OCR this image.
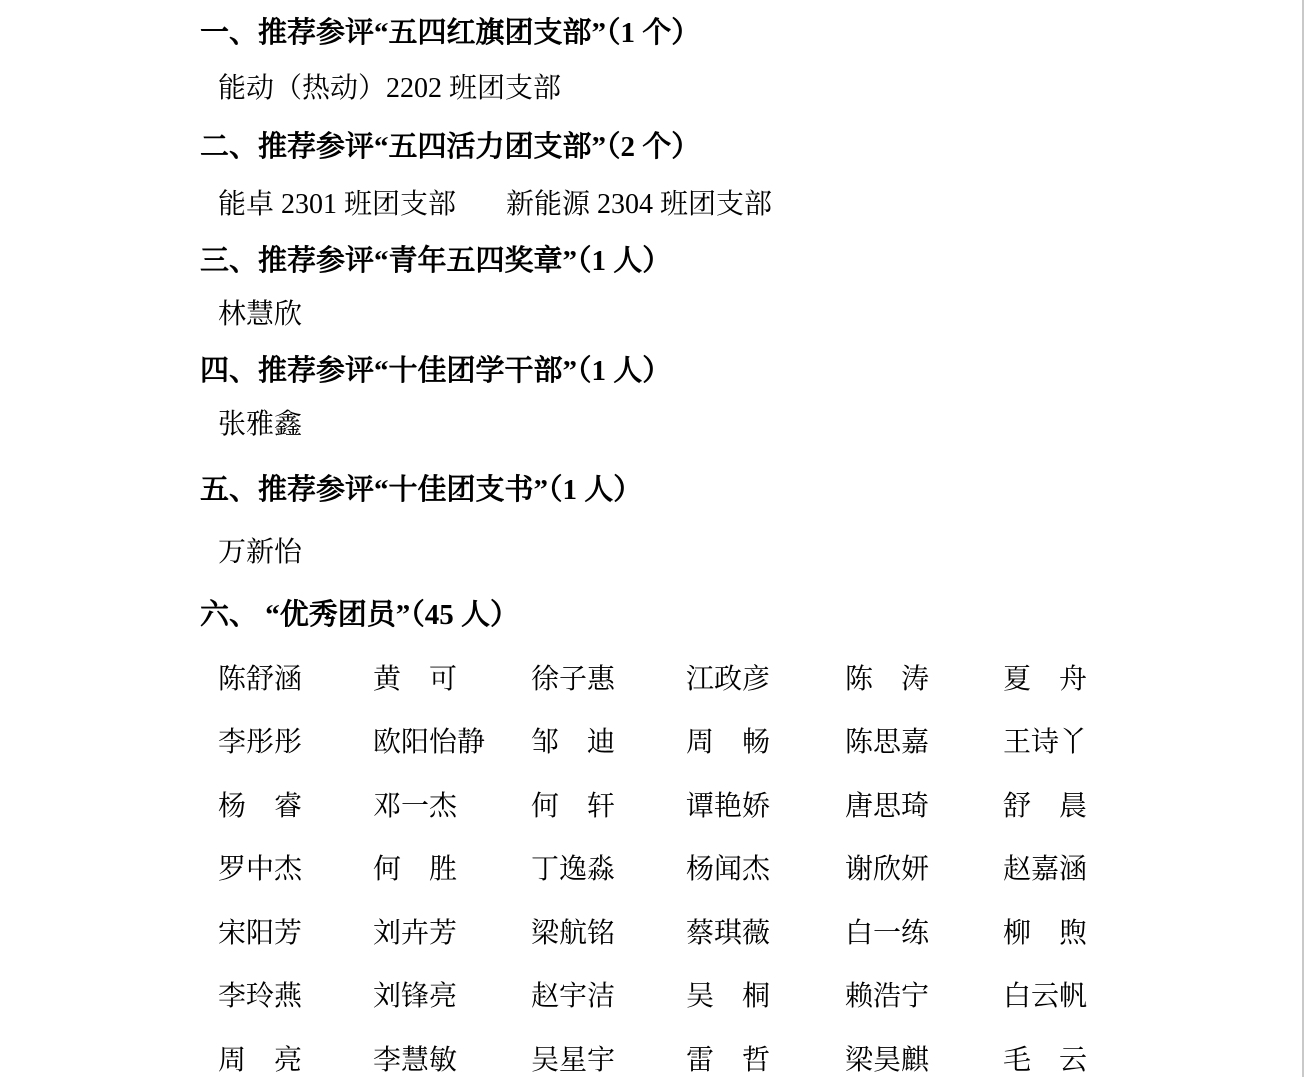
一、推荐参评“五四红旗团支部”（1 个）
能动（热动）2202 班团支部
二、推荐参评“五四活力团支部”（2 个）
能卓 2301 班团支部 新能源 2304 班团支部
三、推荐参评“青年五四奖章”（1 人）
林慧欣
四、推荐参评“十佳团学干部”（1 人）
张雅鑫
五、推荐参评“十佳团支书”（1 人）
万新怡
六、 “优秀团员”（45 人）
陈舒涵	黄　可	徐子惠	江政彦	陈　涛	夏　舟
李彤彤	欧阳怡静	邹　迪	周　畅	陈思嘉	王诗丫
杨　睿	邓一杰	何　轩	谭艳娇	唐思琦	舒　晨
罗中杰	何　胜	丁逸淼	杨闻杰	谢欣妍	赵嘉涵
宋阳芳	刘卉芳	梁航铭	蔡琪薇	白一练	柳　煦
李玲燕	刘锋亮	赵宇洁	吴　桐	赖浩宁	白云帆
周　亮	李慧敏	吴星宇	雷　哲	梁昊麒	毛　云
